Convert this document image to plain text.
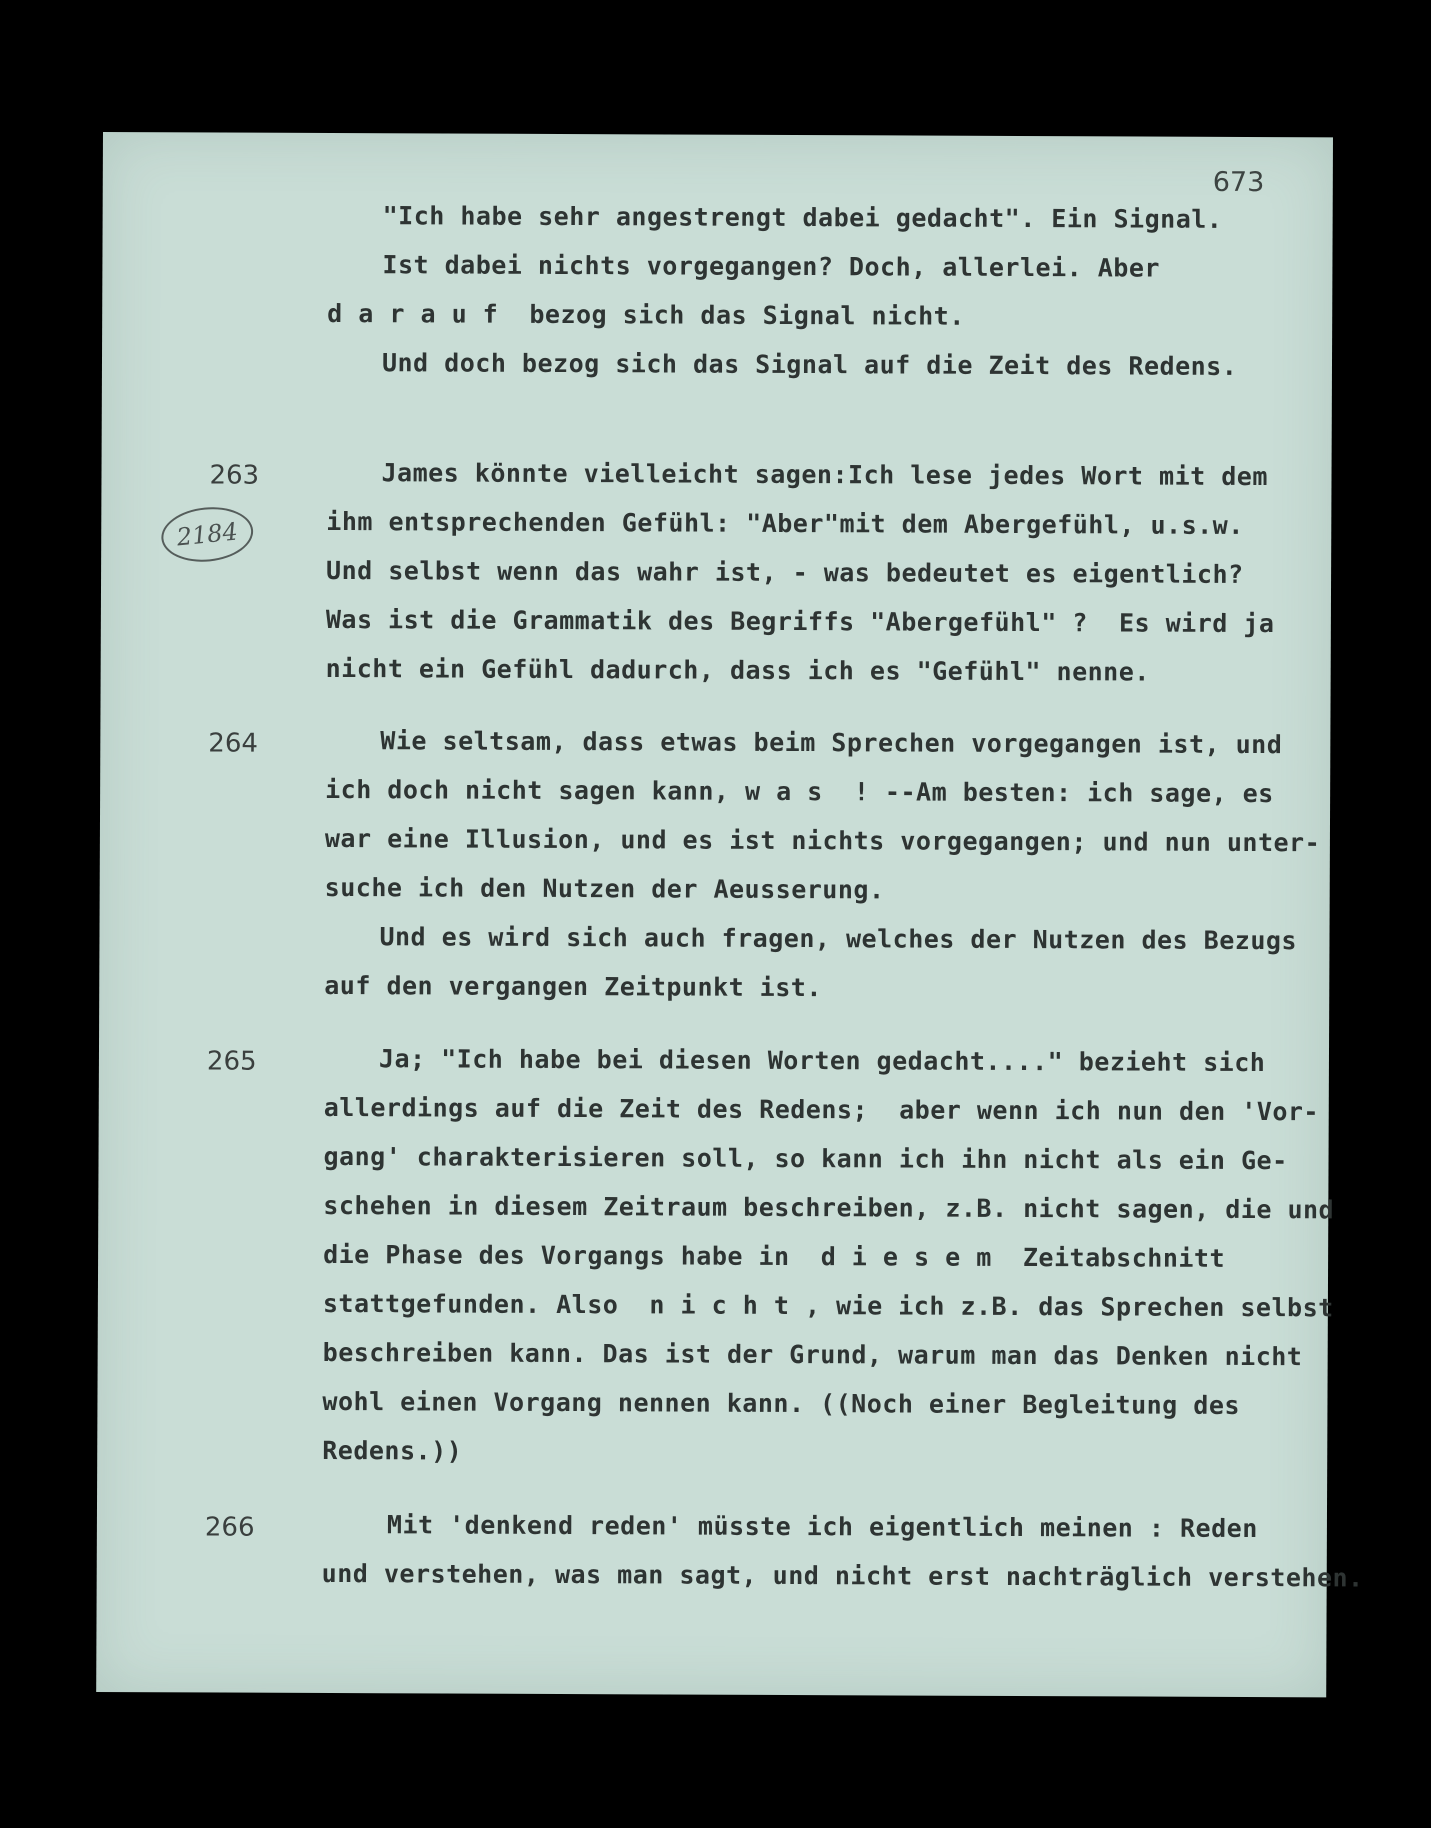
673
"Ich habe sehr angestrengt dabei gedacht". Ein Signal.
Ist dabei nichts vorgegangen? Doch, allerlei. Aber
d a r a u f  bezog sich das Signal nicht.
Und doch bezog sich das Signal auf die Zeit des Redens.
263
2184
James könnte vielleicht sagen:Ich lese jedes Wort mit dem
ihm entsprechenden Gefühl: "Aber"mit dem Abergefühl, u.s.w.
Und selbst wenn das wahr ist, - was bedeutet es eigentlich?
Was ist die Grammatik des Begriffs "Abergefühl" ?  Es wird ja
nicht ein Gefühl dadurch, dass ich es "Gefühl" nenne.
264	Wie seltsam, dass etwas beim Sprechen vorgegangen ist, und
ich doch nicht sagen kann, w a s  ! --Am besten: ich sage, es
war eine Illusion, und es ist nichts vorgegangen; und nun unter-
suche ich den Nutzen der Aeusserung.
Und es wird sich auch fragen, welches der Nutzen des Bezugs
auf den vergangen Zeitpunkt ist.
265	Ja; "Ich habe bei diesen Worten gedacht...." bezieht sich
allerdings auf die Zeit des Redens;  aber wenn ich nun den 'Vor-
gang' charakterisieren soll, so kann ich ihn nicht als ein Ge-
schehen in diesem Zeitraum beschreiben, z.B. nicht sagen, die und
die Phase des Vorgangs habe in  d i e s e m  Zeitabschnitt
stattgefunden. Also  n i c h t , wie ich z.B. das Sprechen selbst
beschreiben kann. Das ist der Grund, warum man das Denken nicht
wohl einen Vorgang nennen kann. ((Noch einer Begleitung des
Redens.))
266	Mit 'denkend reden' müsste ich eigentlich meinen : Reden
und verstehen, was man sagt, und nicht erst nachträglich verstehen.
